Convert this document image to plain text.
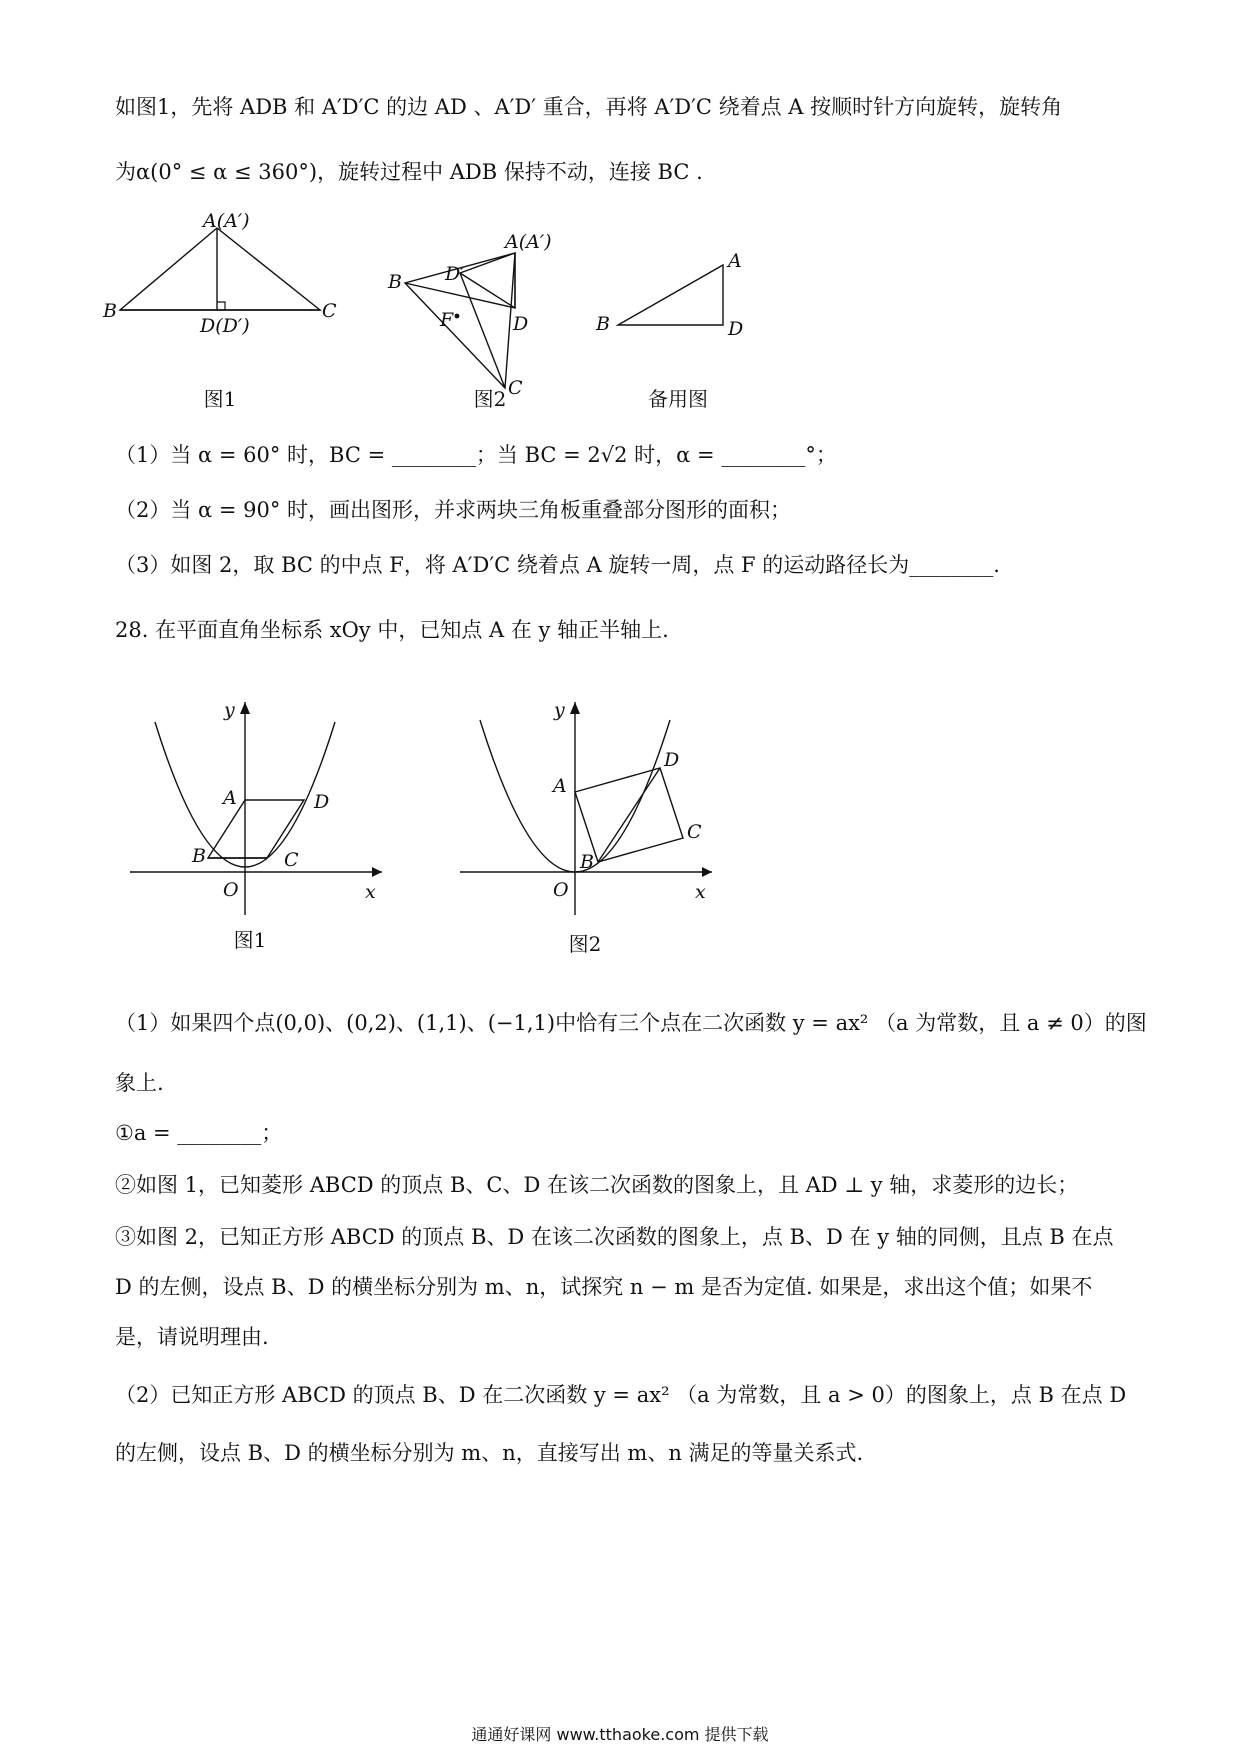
如图1，先将 ADB 和 A′D′C 的边 AD 、A′D′ 重合，再将 A′D′C 绕着点 A 按顺时针方向旋转，旋转角
为α(0° ≤ α ≤ 360°)，旋转过程中 ADB 保持不动，连接 BC .
A(A′)
B	C
D(D′)
图1
A(A′)
B D′
D
F
C
图2
A
B	D
备用图
（1）当 α = 60° 时，BC = ________；当 BC = 2√2 时，α = ________°；
（2）当 α = 90° 时，画出图形，并求两块三角板重叠部分图形的面积；
（3）如图 2，取 BC 的中点 F，将 A′D′C 绕着点 A 旋转一周，点 F 的运动路径长为________.
28. 在平面直角坐标系 xOy 中，已知点 A 在 y 轴正半轴上.
y
x
O
A	D
B	C
图1
y
x
O
A
D
C
B
图2
（1）如果四个点(0,0)、(0,2)、(1,1)、(−1,1)中恰有三个点在二次函数 y = ax² （a 为常数，且 a ≠ 0）的图
象上.
①a = ________；
②如图 1，已知菱形 ABCD 的顶点 B、C、D 在该二次函数的图象上，且 AD ⊥ y 轴，求菱形的边长；
③如图 2，已知正方形 ABCD 的顶点 B、D 在该二次函数的图象上，点 B、D 在 y 轴的同侧，且点 B 在点
D 的左侧，设点 B、D 的横坐标分别为 m、n，试探究 n − m 是否为定值. 如果是，求出这个值；如果不
是，请说明理由.
（2）已知正方形 ABCD 的顶点 B、D 在二次函数 y = ax² （a 为常数，且 a > 0）的图象上，点 B 在点 D
的左侧，设点 B、D 的横坐标分别为 m、n，直接写出 m、n 满足的等量关系式.
通通好课网 www.tthaoke.com 提供下载
